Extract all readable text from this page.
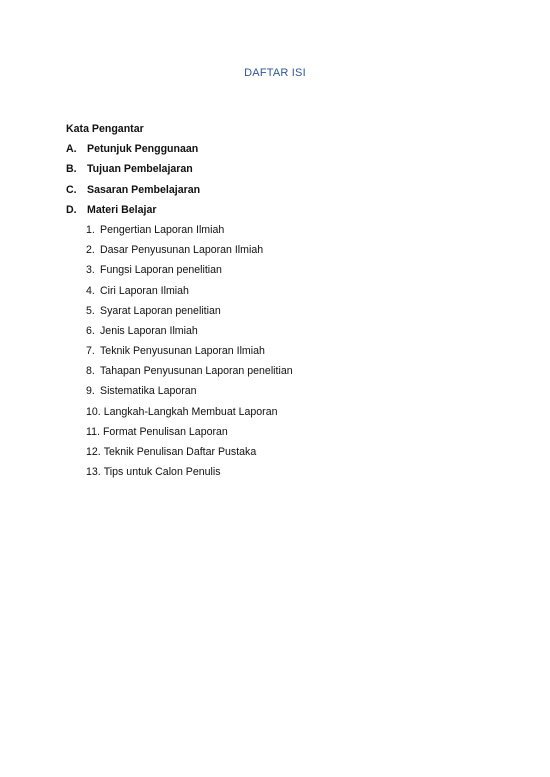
DAFTAR ISI
Kata Pengantar
A. Petunjuk Penggunaan
B. Tujuan Pembelajaran
C. Sasaran Pembelajaran
D. Materi Belajar
1. Pengertian Laporan Ilmiah
2. Dasar Penyusunan Laporan Ilmiah
3. Fungsi Laporan penelitian
4. Ciri Laporan Ilmiah
5. Syarat Laporan penelitian
6. Jenis Laporan Ilmiah
7. Teknik Penyusunan Laporan Ilmiah
8. Tahapan Penyusunan Laporan penelitian
9. Sistematika Laporan
10. Langkah-Langkah Membuat Laporan
11. Format Penulisan Laporan
12. Teknik Penulisan Daftar Pustaka
13. Tips untuk Calon Penulis
